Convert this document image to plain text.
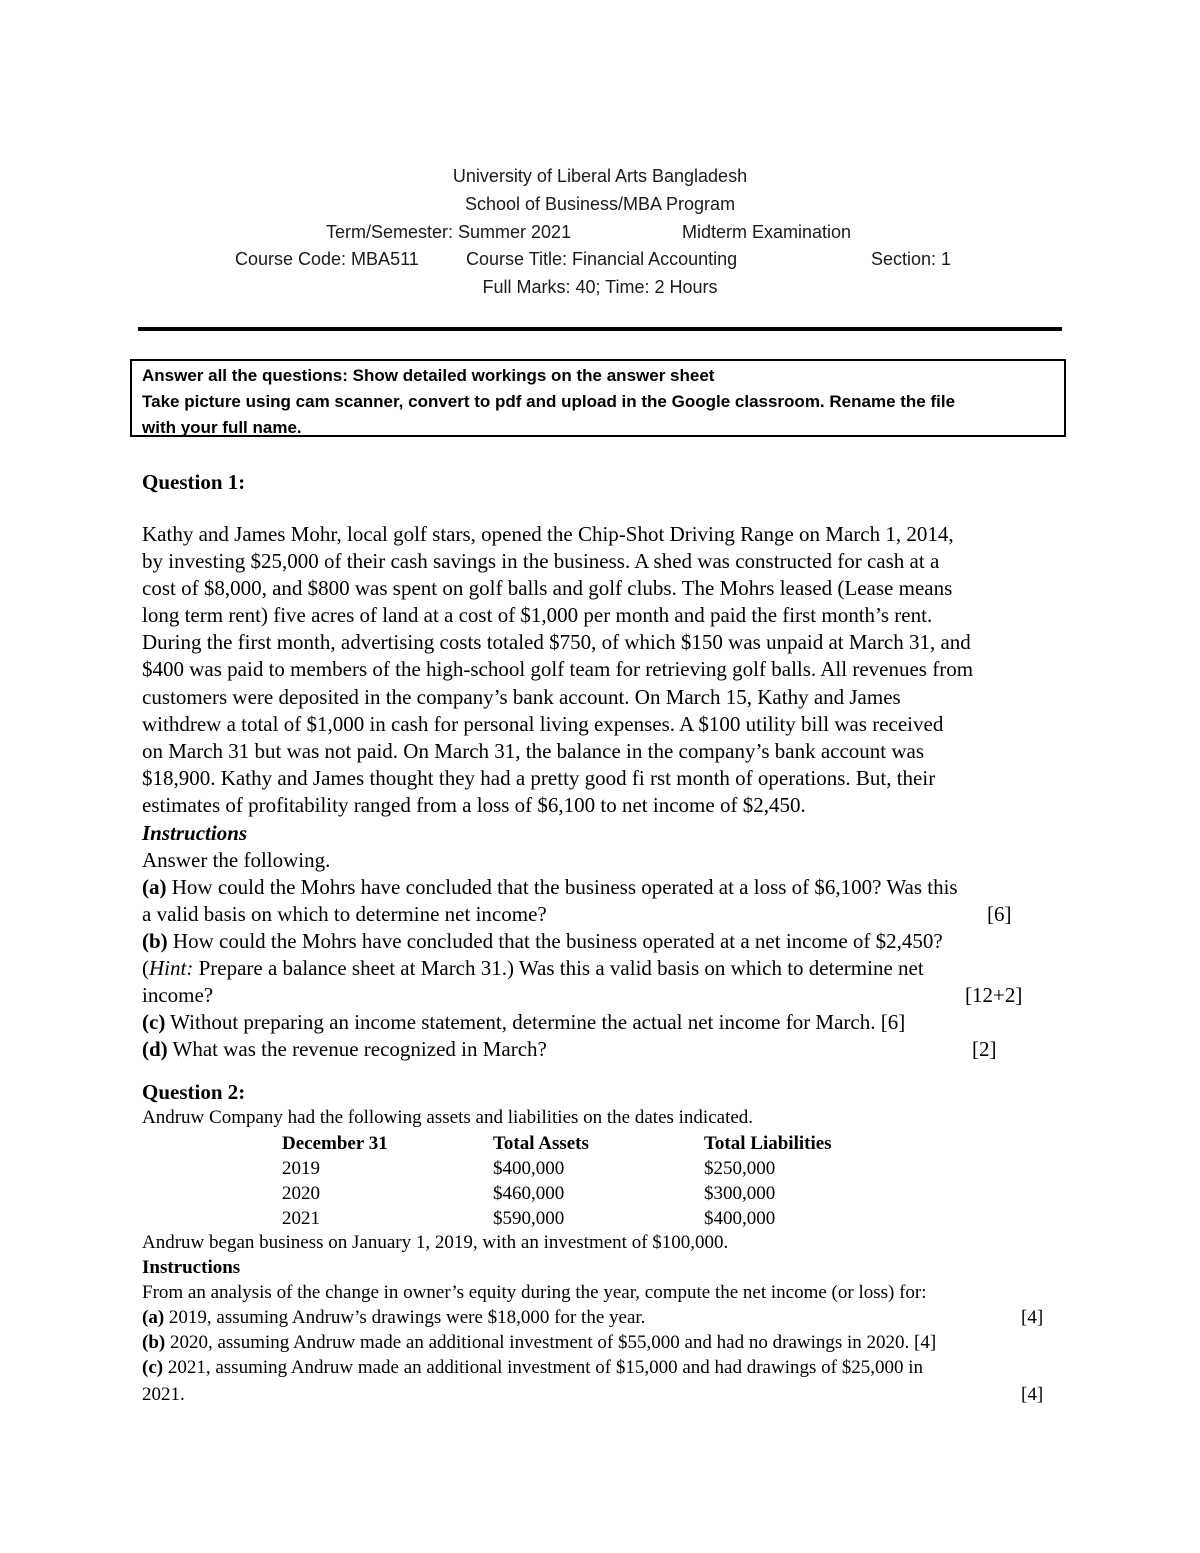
University of Liberal Arts Bangladesh
School of Business/MBA Program
Term/Semester: Summer 2021	Midterm Examination
Course Code: MBA511	Course Title: Financial Accounting	Section: 1
Full Marks: 40; Time: 2 Hours
Answer all the questions: Show detailed workings on the answer sheet
Take picture using cam scanner, convert to pdf and upload in the Google classroom. Rename the file
with your full name.
Question 1:
Kathy and James Mohr, local golf stars, opened the Chip-Shot Driving Range on March 1, 2014,
by investing $25,000 of their cash savings in the business. A shed was constructed for cash at a
cost of $8,000, and $800 was spent on golf balls and golf clubs. The Mohrs leased (Lease means
long term rent) five acres of land at a cost of $1,000 per month and paid the first month’s rent.
During the first month, advertising costs totaled $750, of which $150 was unpaid at March 31, and
$400 was paid to members of the high-school golf team for retrieving golf balls. All revenues from
customers were deposited in the company’s bank account. On March 15, Kathy and James
withdrew a total of $1,000 in cash for personal living expenses. A $100 utility bill was received
on March 31 but was not paid. On March 31, the balance in the company’s bank account was
$18,900. Kathy and James thought they had a pretty good fi rst month of operations. But, their
estimates of profitability ranged from a loss of $6,100 to net income of $2,450.
Instructions
Answer the following.
(a) How could the Mohrs have concluded that the business operated at a loss of $6,100? Was this
a valid basis on which to determine net income?	[6]
(b) How could the Mohrs have concluded that the business operated at a net income of $2,450?
(Hint: Prepare a balance sheet at March 31.) Was this a valid basis on which to determine net
income?	[12+2]
(c) Without preparing an income statement, determine the actual net income for March. [6]
(d) What was the revenue recognized in March?	[2]
Question 2:
Andruw Company had the following assets and liabilities on the dates indicated.
December 31	Total Assets	Total Liabilities
2019	$400,000	$250,000
2020	$460,000	$300,000
2021	$590,000	$400,000
Andruw began business on January 1, 2019, with an investment of $100,000.
Instructions
From an analysis of the change in owner’s equity during the year, compute the net income (or loss) for:
(a) 2019, assuming Andruw’s drawings were $18,000 for the year.	[4]
(b) 2020, assuming Andruw made an additional investment of $55,000 and had no drawings in 2020. [4]
(c) 2021, assuming Andruw made an additional investment of $15,000 and had drawings of $25,000 in
2021.	[4]
